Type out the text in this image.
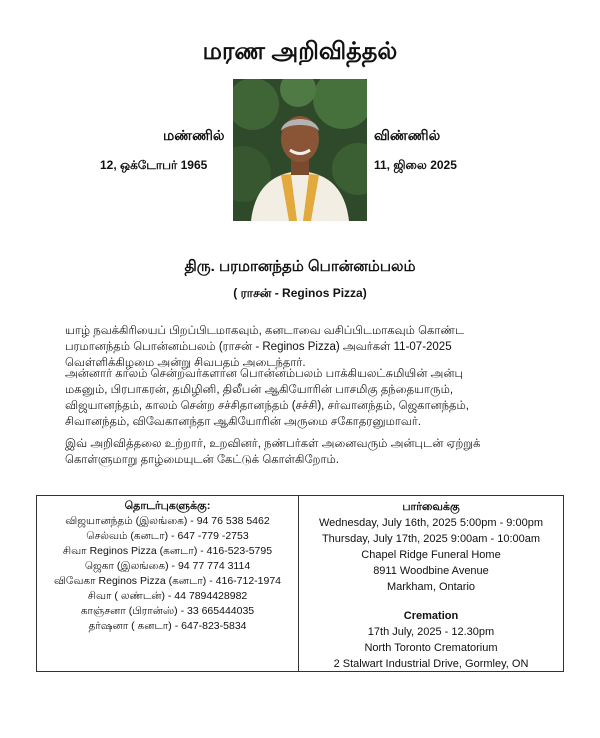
மரண அறிவித்தல்
மண்ணில்
12, ஒக்டோபர் 1965
விண்ணில்
11, ஜிலை 2025
திரு. பரமானந்தம் பொன்னம்பலம்
( ராசன் - Reginos Pizza)

யாழ் நவக்கிரியைப் பிறப்பிடமாகவும், கனடாவை வசிப்பிடமாகவும் கொண்ட
பரமானந்தம் பொன்னம்பலம் (ராசன் - Reginos Pizza) அவர்கள் 11-07-2025
வெள்ளிக்கிழமை அன்று சிவபதம் அடைந்தார்.

அன்னார் காலம் சென்றவர்களான பொன்னம்பலம் பாக்கியலட்சுமியின் அன்பு
மகனும், பிரபாகரன், தமிழினி, திலீபன் ஆகியோரின் பாசமிகு தந்தையாரும்,
விஜயானந்தம், காலம் சென்ற சச்சிதானந்தம் (சச்சி), சர்வானந்தம், ஜெகானந்தம்,
சிவானந்தம், விவேகானந்தா ஆகியோரின் அருமை சகோதரனுமாவர்.

இவ் அறிவித்தலை உற்றார், உறவினர், நண்பர்கள் அனைவரும் அன்புடன் ஏற்றுக்
கொள்ளுமாறு தாழ்மையுடன் கேட்டுக் கொள்கிறோம்.

தொடர்புகளுக்கு:
விஜயானந்தம் (இலங்கை) - 94 76 538 5462
செல்வம் (கனடா) - 647 -779 -2753
சிவா Reginos Pizza (கனடா) - 416-523-5795
ஜெகா (இலங்கை) - 94 77 774 3114
விவேகா Reginos Pizza (கனடா) - 416-712-1974
சிவா ( லண்டன்) - 44 7894428982
காஞ்சனா (பிரான்ஸ்) - 33 665444035
தர்ஷனா ( கனடா) - 647-823-5834
பார்வைக்கு
Wednesday, July 16th, 2025 5:00pm - 9:00pm
Thursday, July 17th, 2025 9:00am - 10:00am
Chapel Ridge Funeral Home
8911 Woodbine Avenue
Markham, Ontario
Cremation
17th July, 2025 - 12.30pm
North Toronto Crematorium
2 Stalwart Industrial Drive, Gormley, ON
